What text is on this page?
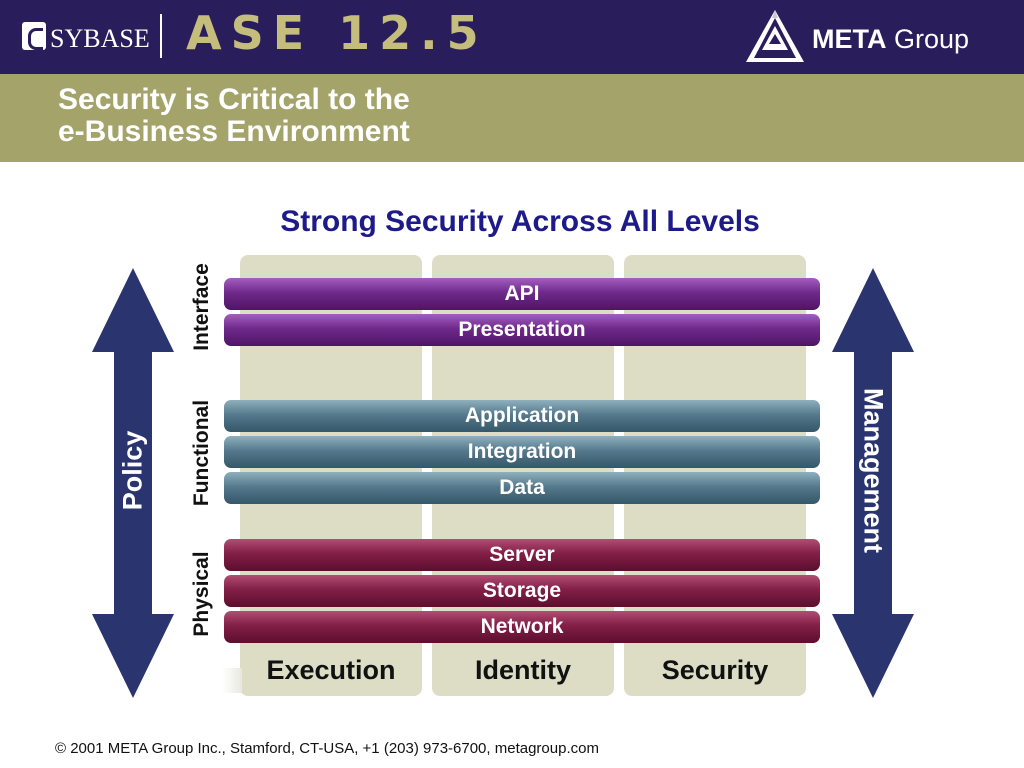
SYBASE ASE 12.5	META Group
Security is Critical to the
e-Business Environment
Strong Security Across All Levels
Policy	Management
Execution	Identity	Security
Interface
Functional
Physical
API
Presentation
Application
Integration
Data
Server
Storage
Network
© 2001 META Group Inc., Stamford, CT-USA, +1 (203) 973-6700, metagroup.com
